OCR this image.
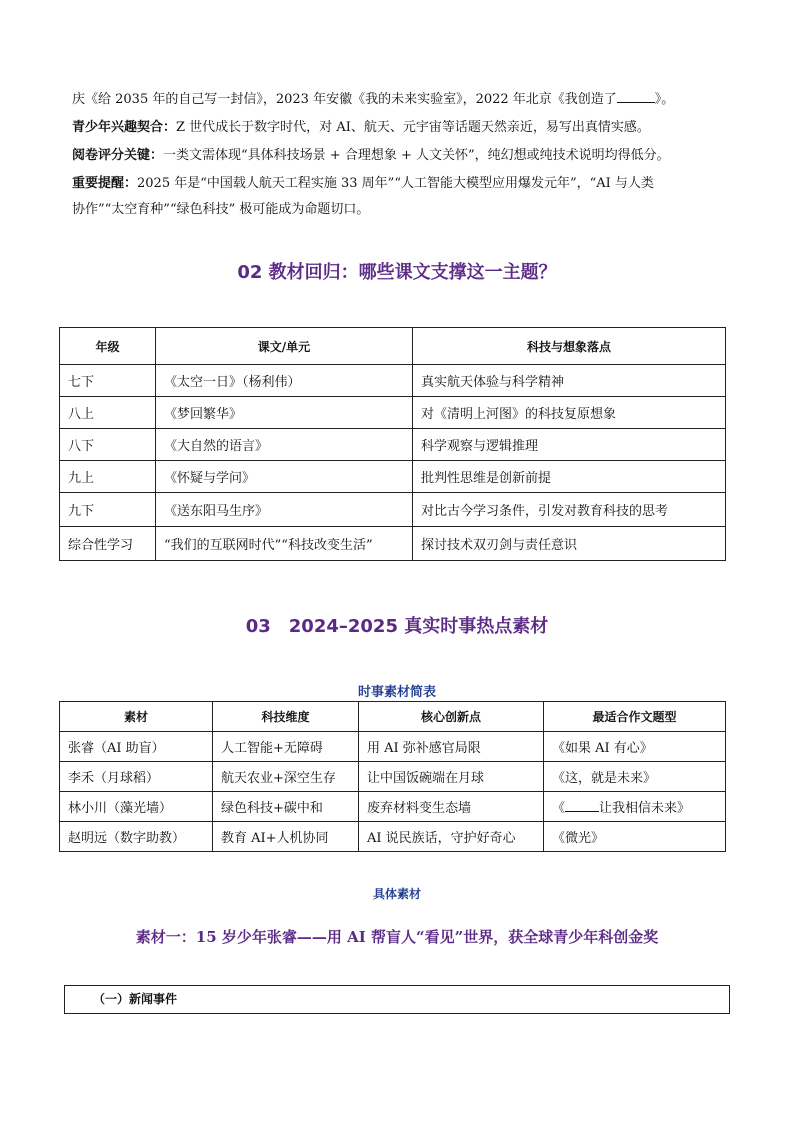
庆《给 2035 年的自己写一封信》，2023 年安徽《我的未来实验室》，2022 年北京《我创造了	》。
青少年兴趣契合：Z 世代成长于数字时代，对 AI、航天、元宇宙等话题天然亲近，易写出真情实感。
阅卷评分关键：一类文需体现“具体科技场景 + 合理想象 + 人文关怀”，纯幻想或纯技术说明均得低分。
重要提醒：2025 年是“中国载人航天工程实施 33 周年”“人工智能大模型应用爆发元年”，“AI 与人类
协作”“太空育种”“绿色科技” 极可能成为命题切口。
02 教材回归：哪些课文支撑这一主题？
年级	课文/单元	科技与想象落点
七下	《太空一日》（杨利伟）	真实航天体验与科学精神
八上	《梦回繁华》	对《清明上河图》的科技复原想象
八下	《大自然的语言》	科学观察与逻辑推理
九上	《怀疑与学问》	批判性思维是创新前提
九下	《送东阳马生序》	对比古今学习条件，引发对教育科技的思考
综合性学习	“我们的互联网时代”“科技改变生活”	探讨技术双刃剑与责任意识
03　2024–2025 真实时事热点素材
时事素材简表
素材	科技维度	核心创新点	最适合作文题型
张睿（AI 助盲）	人工智能+无障碍	用 AI 弥补感官局限	《如果 AI 有心》
李禾（月球稻）	航天农业+深空生存	让中国饭碗端在月球	《这，就是未来》
林小川（藻光墙）	绿色科技+碳中和	废弃材料变生态墙	《 让我相信未来》
赵明远（数字助教）	教育 AI+人机协同	AI 说民族话，守护好奇心	《微光》
具体素材
素材一：15 岁少年张睿——用 AI 帮盲人“看见”世界，获全球青少年科创金奖
（一）新闻事件
